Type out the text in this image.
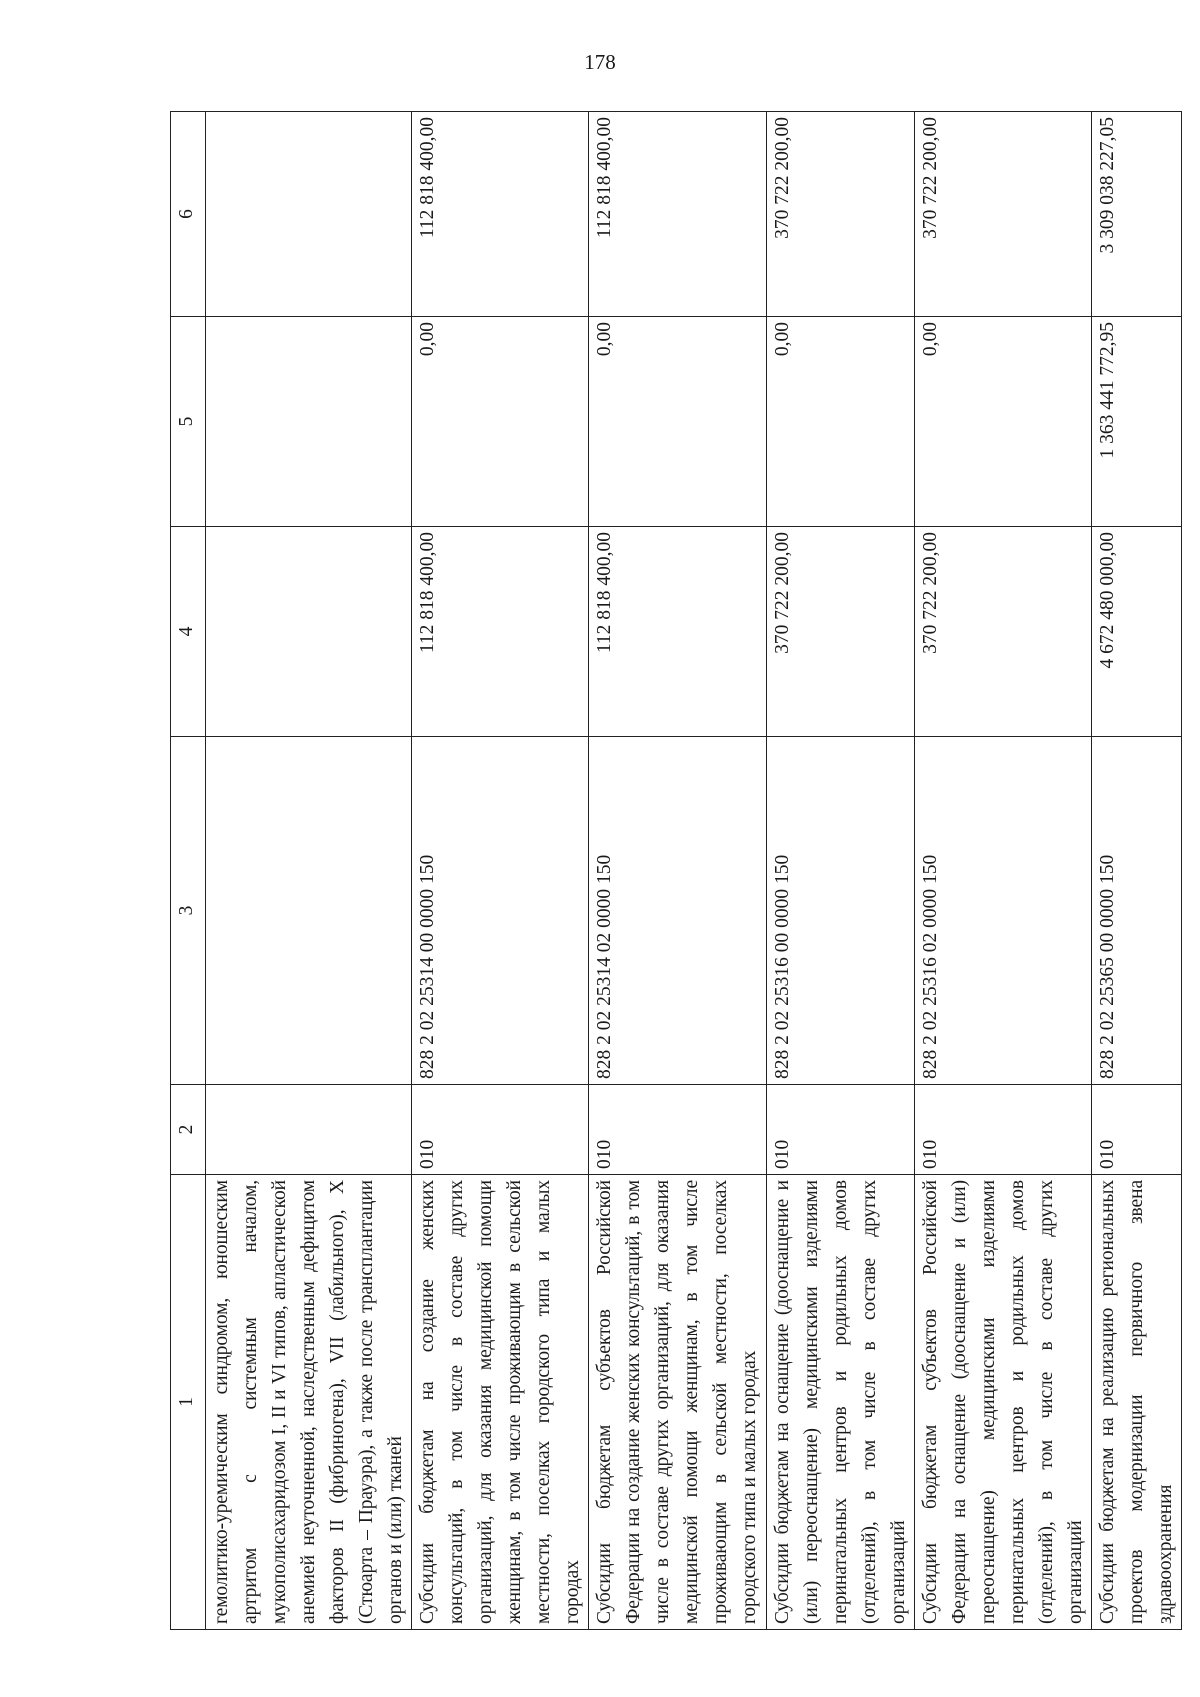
178
1	2	3	4	5	6
гемолитико-уремическим синдромом, юношеским артритом с системным началом, мукополисахаридозом I, II и VI типов, апластической анемией неуточненной, наследственным дефицитом факторов II (фибриногена), VII (лабильного), X (Стюарта – Прауэра), а также после трансплантации органов и (или) тканей					
Субсидии бюджетам на создание женских консультаций, в том числе в составе других организаций, для оказания медицинской помощи женщинам, в том числе проживающим в сельской местности, поселках городского типа и малых городах	010	828 2 02 25314 00 0000 150	112 818 400,00	0,00	112 818 400,00
Субсидии бюджетам субъектов Российской Федерации на создание женских консультаций, в том числе в составе других организаций, для оказания медицинской помощи женщинам, в том числе проживающим в сельской местности, поселках городского типа и малых городах	010	828 2 02 25314 02 0000 150	112 818 400,00	0,00	112 818 400,00
Субсидии бюджетам на оснащение (дооснащение и (или) переоснащение) медицинскими изделиями перинатальных центров и родильных домов (отделений), в том числе в составе других организаций	010	828 2 02 25316 00 0000 150	370 722 200,00	0,00	370 722 200,00
Субсидии бюджетам субъектов Российской Федерации на оснащение (дооснащение и (или) переоснащение) медицинскими изделиями перинатальных центров и родильных домов (отделений), в том числе в составе других организаций	010	828 2 02 25316 02 0000 150	370 722 200,00	0,00	370 722 200,00
Субсидии бюджетам на реализацию региональных проектов модернизации первичного звена здравоохранения	010	828 2 02 25365 00 0000 150	4 672 480 000,00	1 363 441 772,95	3 309 038 227,05
